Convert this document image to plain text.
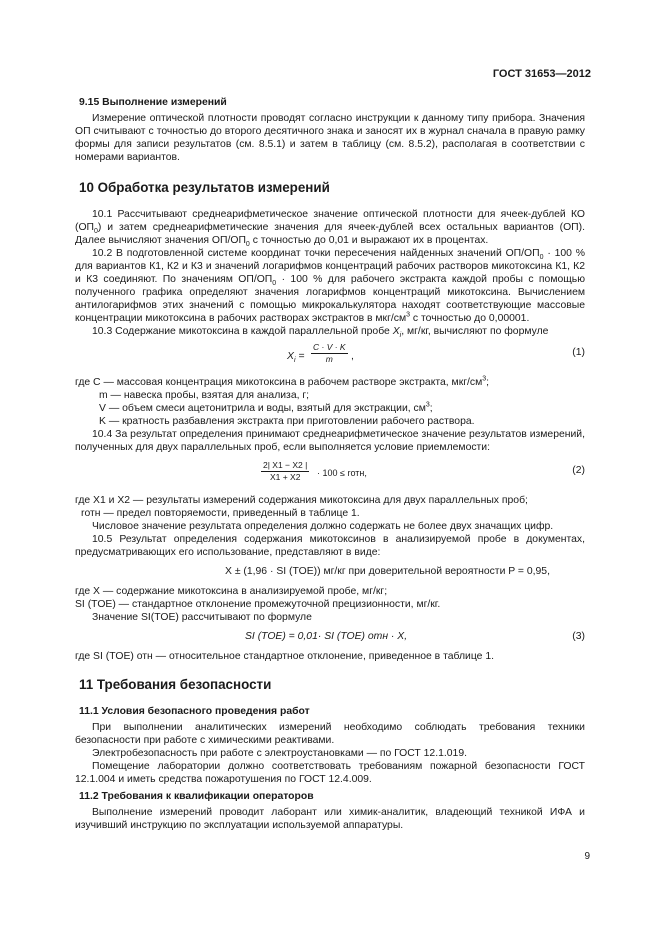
ГОСТ 31653—2012
9.15 Выполнение измерений

Измерение оптической плотности проводят согласно инструкции к данному типу прибора. Значения ОП считывают с точностью до второго десятичного знака и заносят их в журнал сначала в правую рамку формы для записи результатов (см. 8.5.1) и затем в таблицу (см. 8.5.2), располагая в соответствии с номерами вариантов.

10 Обработка результатов измерений

10.1 Рассчитывают среднеарифметическое значение оптической плотности для ячеек-дублей КО $(ОП_0)$ и затем среднеарифметические значения для ячеек-дублей всех остальных вариантов (ОП). Далее вычисляют значения $ОП/ОП_0$ с точностью до 0,01 и выражают их в процентах.

10.2 В подготовленной системе координат точки пересечения найденных значений $ОП/ОП_0 \cdot 100$ % для вариантов К1, К2 и К3 и значений логарифмов концентраций рабочих растворов микотоксина К1, К2 и К3 соединяют. По значениям $ОП/ОП_0 \cdot 100$ % для рабочего экстракта каждой пробы с помощью полученного графика определяют значения логарифмов концентраций микотоксина. Вычислением антилогарифмов этих значений с помощью микрокалькулятора находят соответствующие массовые концентрации микотоксина в рабочих растворах экстрактов в мкг/$см^3$ с точностью до 0,00001.

10.3 Содержание микотоксина в каждой параллельной пробе $X_i$, мг/кг, вычисляют по формуле

$X_i = \frac{C \cdot V \cdot K}{m}$ ,	(1)

где C — массовая концентрация микотоксина в рабочем растворе экстракта, мкг/$см^3$;

m — навеска пробы, взятая для анализа, г;

V — объем смеси ацетонитрила и воды, взятый для экстракции, $см^3$;

K — кратность разбавления экстракта при приготовлении рабочего раствора.

10.4 За результат определения принимают среднеарифметическое значение результатов измерений, полученных для двух параллельных проб, если выполняется условие приемлемости:

$\frac{2| X1 - X2 |}{X1 + X2} \cdot 100$ ≤ rотн,	(2)

где X1 и X2 — результаты измерений содержания микотоксина для двух параллельных проб;

rотн — предел повторяемости, приведенный в таблице 1.

Числовое значение результата определения должно содержать не более двух значащих цифр.

10.5 Результат определения содержания микотоксинов в анализируемой пробе в документах, предусматривающих его использование, представляют в виде:

X ± (1,96 · SI (TOE)) мг/кг при доверительной вероятности P = 0,95,

где X — содержание микотоксина в анализируемой пробе, мг/кг;

SI (TOE) — стандартное отклонение промежуточной прецизионности, мг/кг.

Значение SI(TOE) рассчитывают по формуле

SI (TOE) = 0,01· SI (TOE) отн · X,	(3)

где SI (TOE) отн — относительное стандартное отклонение, приведенное в таблице 1.

11 Требования безопасности
11.1 Условия безопасного проведения работ

При выполнении аналитических измерений необходимо соблюдать требования техники безопасности при работе с химическими реактивами.

Электробезопасность при работе с электроустановками — по ГОСТ 12.1.019.

Помещение лаборатории должно соответствовать требованиям пожарной безопасности ГОСТ 12.1.004 и иметь средства пожаротушения по ГОСТ 12.4.009.

11.2 Требования к квалификации операторов

Выполнение измерений проводит лаборант или химик-аналитик, владеющий техникой ИФА и изучивший инструкцию по эксплуатации используемой аппаратуры.

9
